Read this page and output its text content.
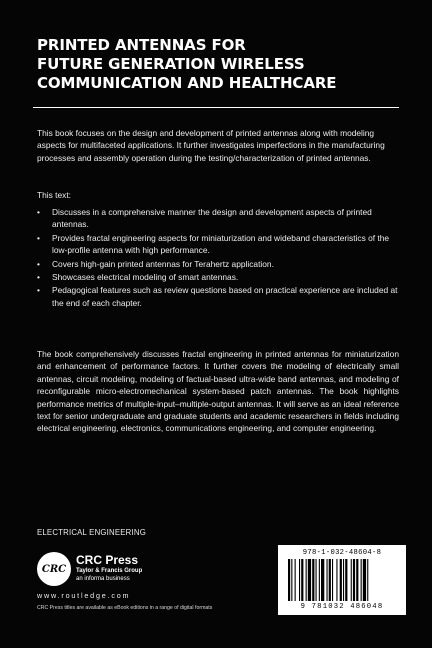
PRINTED ANTENNAS FOR
FUTURE GENERATION WIRELESS
COMMUNICATION AND HEALTHCARE
This book focuses on the design and development of printed antennas along with modeling aspects for multifaceted applications. It further investigates imperfections in the manufacturing processes and assembly operation during the testing/characterization of printed antennas.
This text:
• Discusses in a comprehensive manner the design and development aspects of printed antennas.
• Provides fractal engineering aspects for miniaturization and wideband characteristics of the low-profile antenna with high performance.
• Covers high-gain printed antennas for Terahertz application.
• Showcases electrical modeling of smart antennas.
• Pedagogical features such as review questions based on practical experience are included at the end of each chapter.
The book comprehensively discusses fractal engineering in printed antennas for miniaturization and enhancement of performance factors. It further covers the modeling of electrically small antennas, circuit modeling, modeling of factual-based ultra-wide band antennas, and modeling of reconfigurable micro-electromechanical system-based patch antennas. The book highlights performance metrics of multiple-input–multiple-output antennas. It will serve as an ideal reference text for senior undergraduate and graduate students and academic researchers in fields including electrical engineering, electronics, communications engineering, and computer engineering.
ELECTRICAL ENGINEERING
CRC
CRC Press
Taylor & Francis Group
an informa business
www.routledge.com
CRC Press titles are available as eBook editions in a range of digital formats
978-1-032-48604-8
9 781032 486048
